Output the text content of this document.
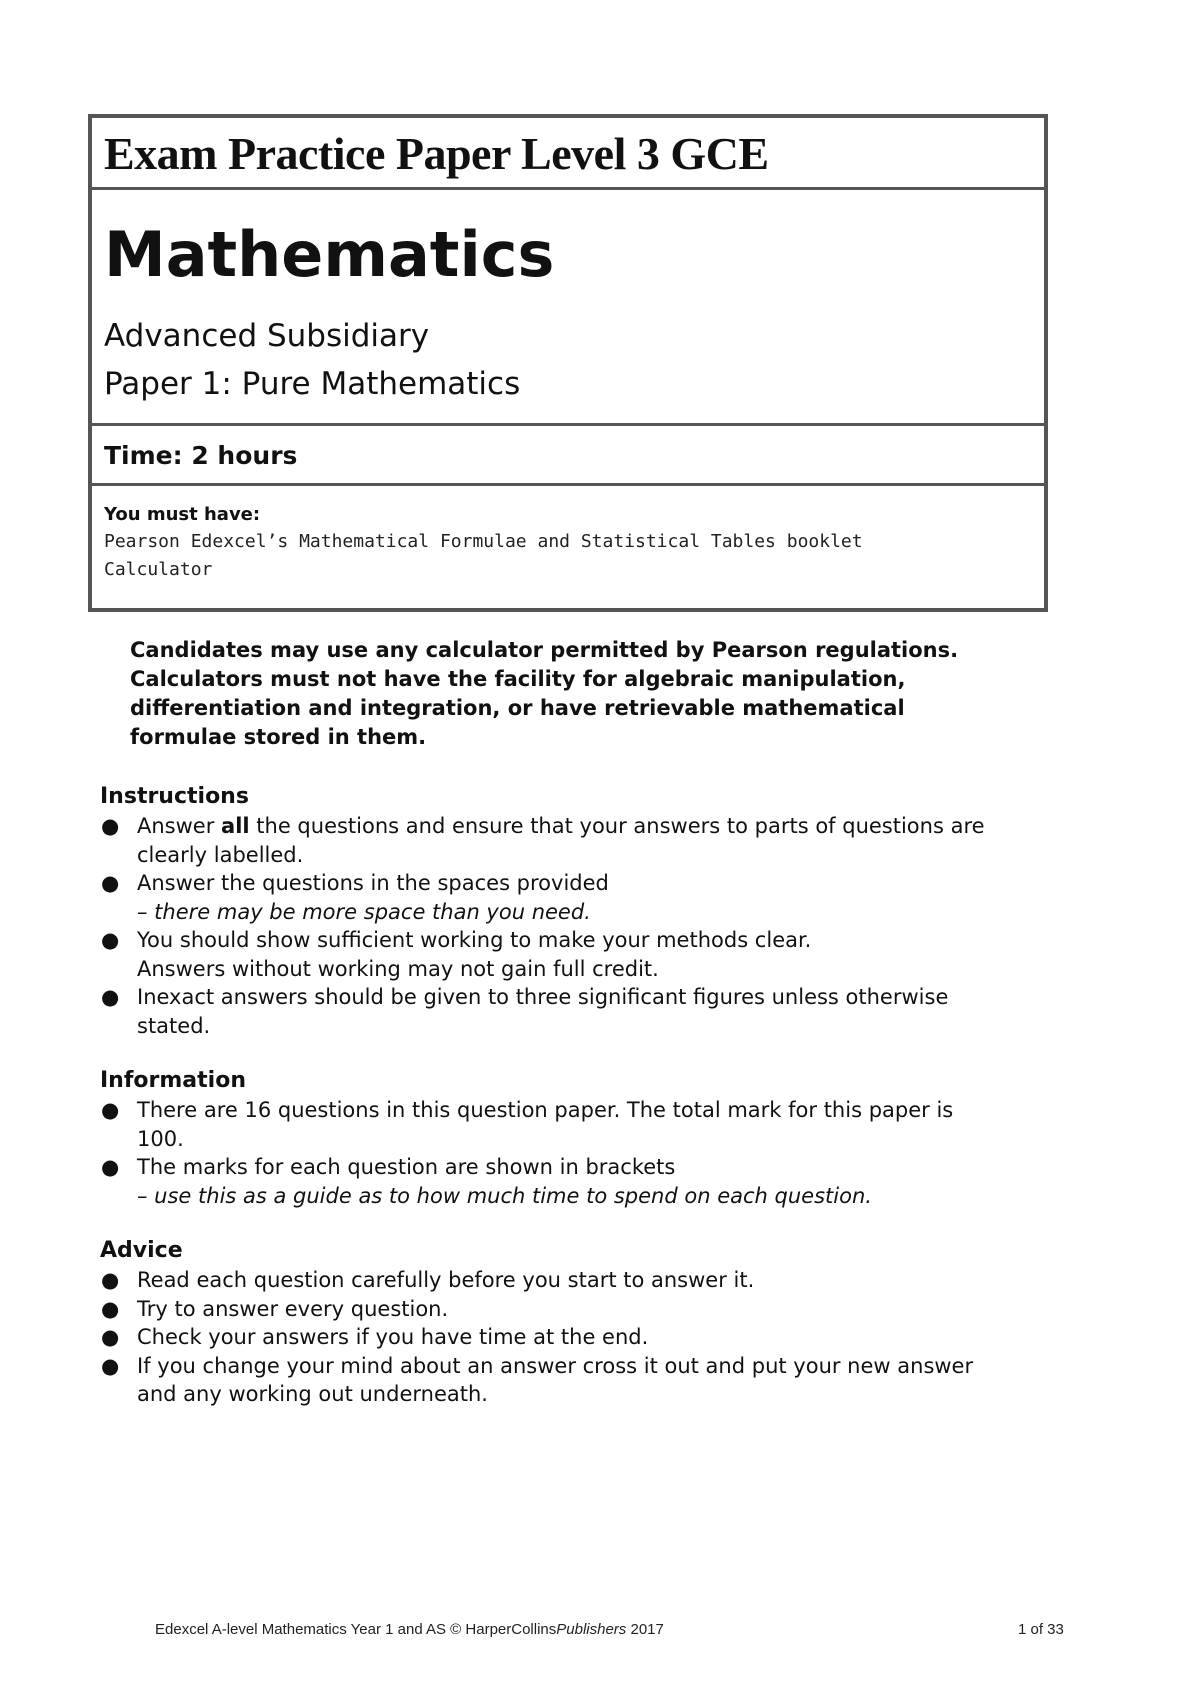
Exam Practice Paper Level 3 GCE
Mathematics
Advanced Subsidiary
Paper 1: Pure Mathematics
Time: 2 hours
You must have:
Pearson Edexcel’s Mathematical Formulae and Statistical Tables booklet
Calculator
Candidates may use any calculator permitted by Pearson regulations.
Calculators must not have the facility for algebraic manipulation,
differentiation and integration, or have retrievable mathematical
formulae stored in them.
Instructions
● Answer all the questions and ensure that your answers to parts of questions are clearly labelled.
● Answer the questions in the spaces provided
– there may be more space than you need.
● You should show sufficient working to make your methods clear.
Answers without working may not gain full credit.
● Inexact answers should be given to three significant figures unless otherwise stated.
Information
● There are 16 questions in this question paper. The total mark for this paper is 100.
● The marks for each question are shown in brackets
– use this as a guide as to how much time to spend on each question.
Advice
● Read each question carefully before you start to answer it.
● Try to answer every question.
● Check your answers if you have time at the end.
● If you change your mind about an answer cross it out and put your new answer and any working out underneath.
Edexcel A-level Mathematics Year 1 and AS © HarperCollinsPublishers 2017	1 of 33
